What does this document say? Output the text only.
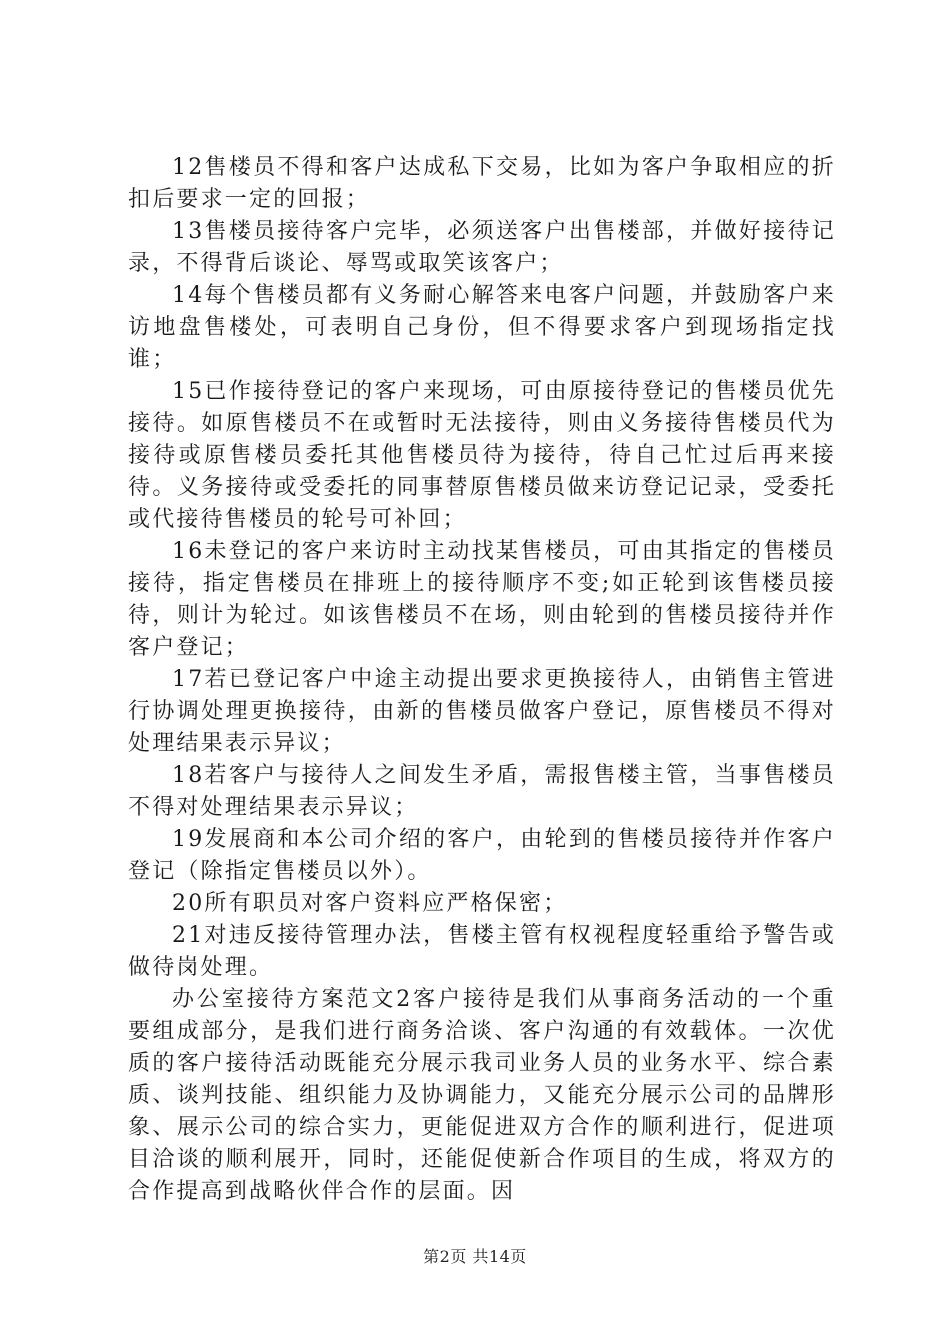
12售楼员不得和客户达成私下交易，比如为客户争取相应的折扣后要求一定的回报；

13售楼员接待客户完毕，必须送客户出售楼部，并做好接待记录，不得背后谈论、辱骂或取笑该客户；

14每个售楼员都有义务耐心解答来电客户问题，并鼓励客户来访地盘售楼处，可表明自己身份，但不得要求客户到现场指定找谁；

15已作接待登记的客户来现场，可由原接待登记的售楼员优先接待。如原售楼员不在或暂时无法接待，则由义务接待售楼员代为接待或原售楼员委托其他售楼员待为接待，待自己忙过后再来接待。义务接待或受委托的同事替原售楼员做来访登记记录，受委托或代接待售楼员的轮号可补回；

16未登记的客户来访时主动找某售楼员，可由其指定的售楼员接待，指定售楼员在排班上的接待顺序不变;如正轮到该售楼员接待，则计为轮过。如该售楼员不在场，则由轮到的售楼员接待并作客户登记；

17若已登记客户中途主动提出要求更换接待人，由销售主管进行协调处理更换接待，由新的售楼员做客户登记，原售楼员不得对处理结果表示异议；

18若客户与接待人之间发生矛盾，需报售楼主管，当事售楼员不得对处理结果表示异议；

19发展商和本公司介绍的客户，由轮到的售楼员接待并作客户登记（除指定售楼员以外）。

20所有职员对客户资料应严格保密；

21对违反接待管理办法，售楼主管有权视程度轻重给予警告或做待岗处理。

办公室接待方案范文2客户接待是我们从事商务活动的一个重要组成部分，是我们进行商务洽谈、客户沟通的有效载体。一次优质的客户接待活动既能充分展示我司业务人员的业务水平、综合素质、谈判技能、组织能力及协调能力，又能充分展示公司的品牌形象、展示公司的综合实力，更能促进双方合作的顺利进行，促进项目洽谈的顺利展开，同时，还能促使新合作项目的生成，将双方的合作提高到战略伙伴合作的层面。因

第2页 共14页
